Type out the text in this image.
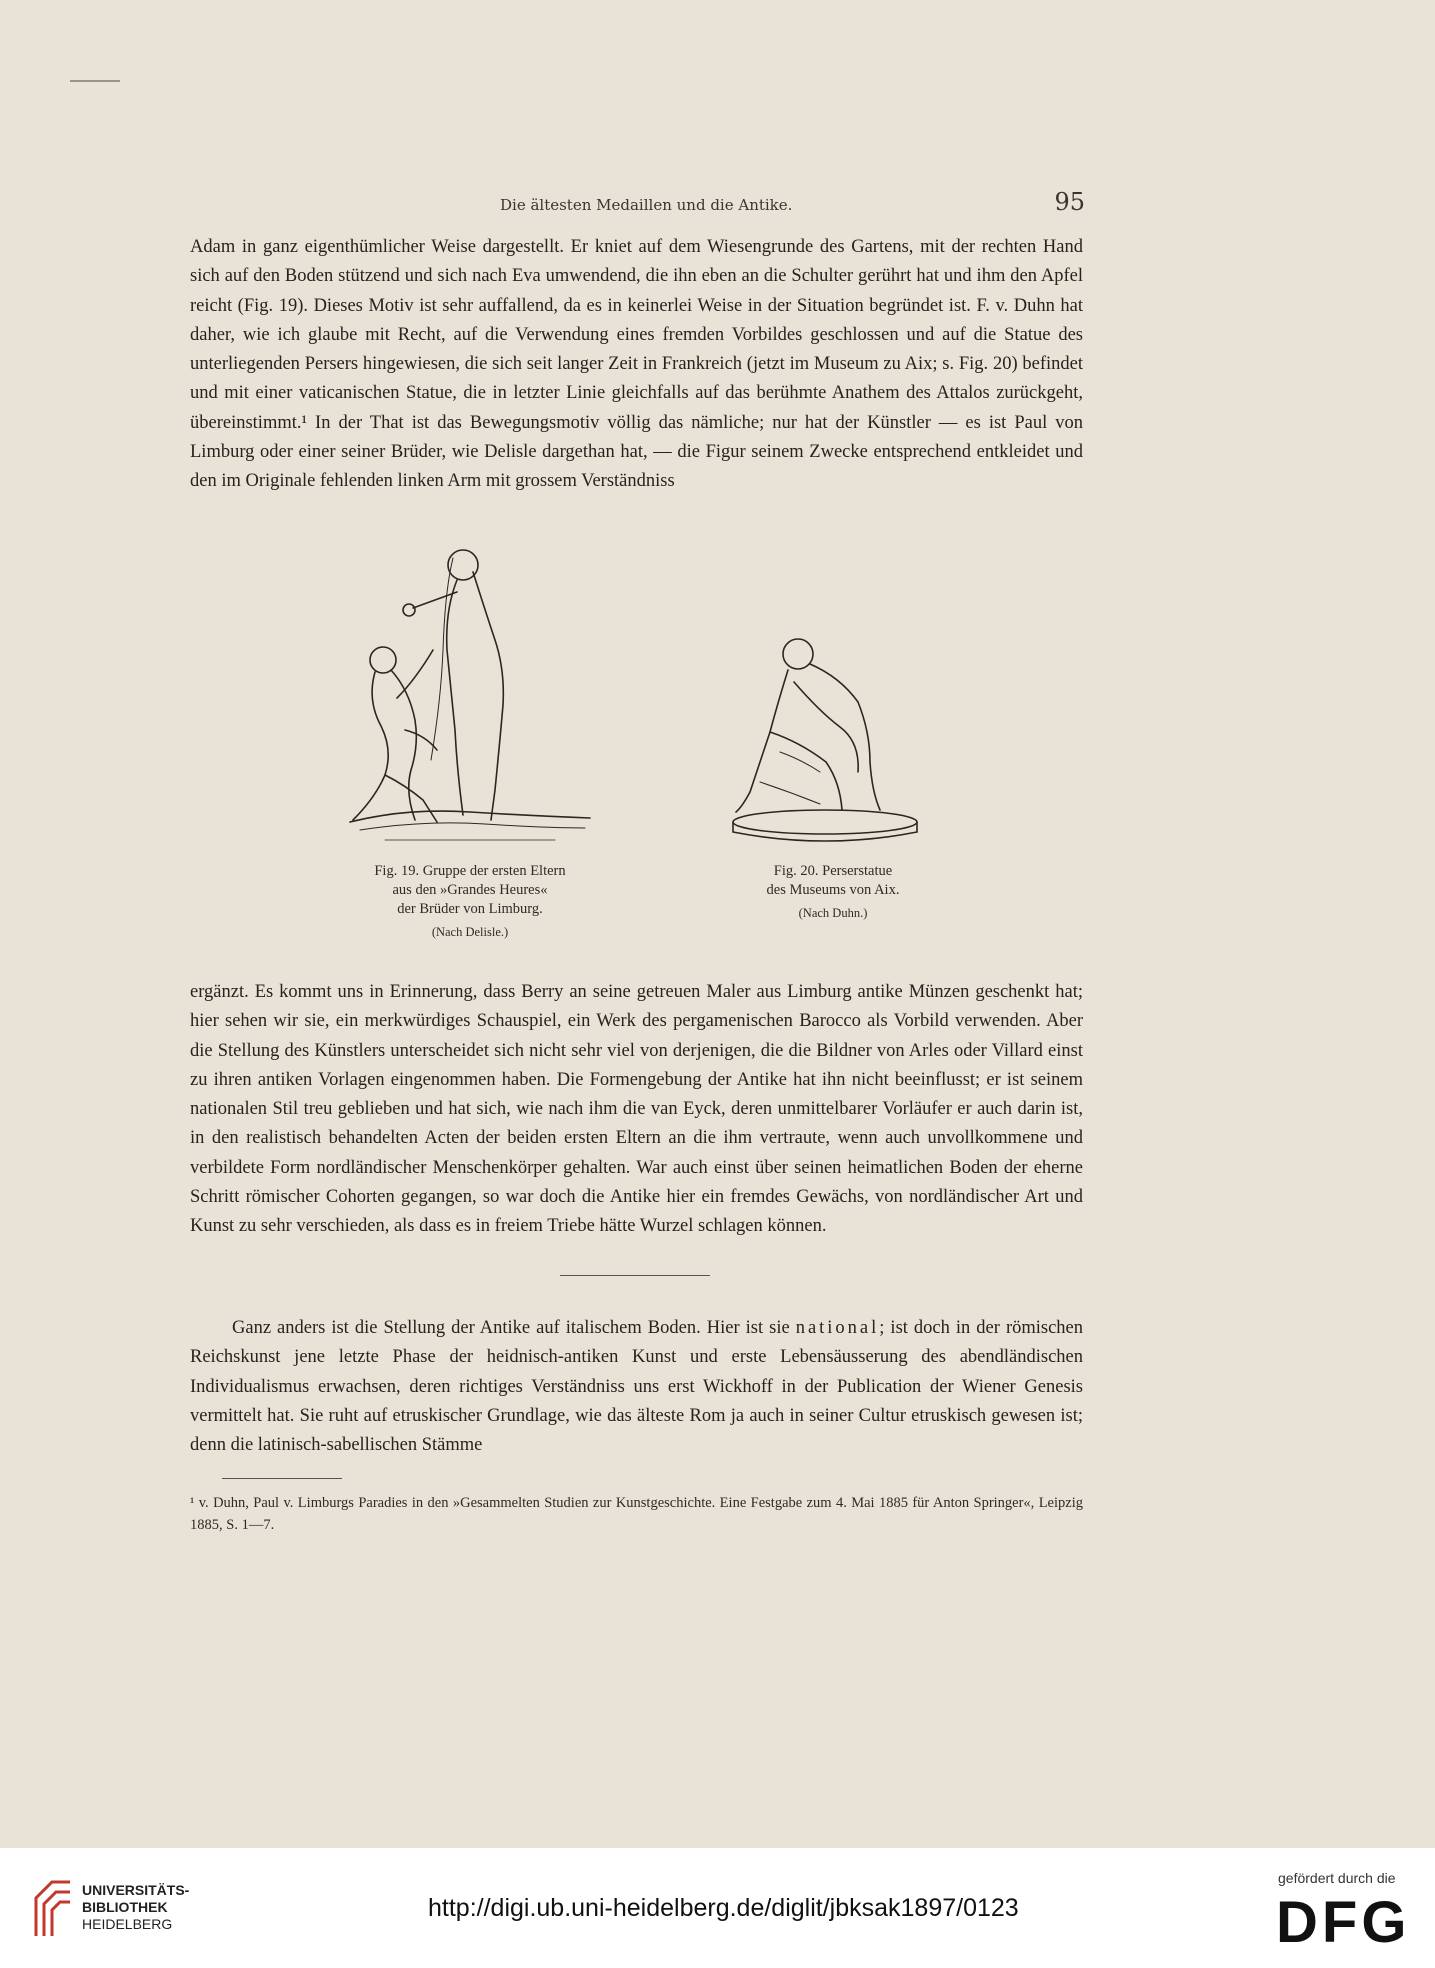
Die ältesten Medaillen und die Antike.	95

Adam in ganz eigenthümlicher Weise dargestellt. Er kniet auf dem Wiesengrunde des Gartens, mit der rechten Hand sich auf den Boden stützend und sich nach Eva umwendend, die ihn eben an die Schulter gerührt hat und ihm den Apfel reicht (Fig. 19). Dieses Motiv ist sehr auffallend, da es in keinerlei Weise in der Situation begründet ist. F. v. Duhn hat daher, wie ich glaube mit Recht, auf die Verwendung eines fremden Vorbildes geschlossen und auf die Statue des unterliegenden Persers hingewiesen, die sich seit langer Zeit in Frankreich (jetzt im Museum zu Aix; s. Fig. 20) befindet und mit einer vaticanischen Statue, die in letzter Linie gleichfalls auf das berühmte Anathem des Attalos zurückgeht, übereinstimmt.¹ In der That ist das Bewegungsmotiv völlig das nämliche; nur hat der Künstler — es ist Paul von Limburg oder einer seiner Brüder, wie Delisle dargethan hat, — die Figur seinem Zwecke entsprechend entkleidet und den im Originale fehlenden linken Arm mit grossem Verständniss

Fig. 19. Gruppe der ersten Eltern
aus den »Grandes Heures«
der Brüder von Limburg.

(Nach Delisle.)
Fig. 20. Perserstatue
des Museums von Aix.

(Nach Duhn.)

ergänzt. Es kommt uns in Erinnerung, dass Berry an seine getreuen Maler aus Limburg antike Münzen geschenkt hat; hier sehen wir sie, ein merkwürdiges Schauspiel, ein Werk des pergamenischen Barocco als Vorbild verwenden. Aber die Stellung des Künstlers unterscheidet sich nicht sehr viel von derjenigen, die die Bildner von Arles oder Villard einst zu ihren antiken Vorlagen eingenommen haben. Die Formengebung der Antike hat ihn nicht beeinflusst; er ist seinem nationalen Stil treu geblieben und hat sich, wie nach ihm die van Eyck, deren unmittelbarer Vorläufer er auch darin ist, in den realistisch behandelten Acten der beiden ersten Eltern an die ihm vertraute, wenn auch unvollkommene und verbildete Form nordländischer Menschenkörper gehalten. War auch einst über seinen heimatlichen Boden der eherne Schritt römischer Cohorten gegangen, so war doch die Antike hier ein fremdes Gewächs, von nordländischer Art und Kunst zu sehr verschieden, als dass es in freiem Triebe hätte Wurzel schlagen können.

Ganz anders ist die Stellung der Antike auf italischem Boden. Hier ist sie national; ist doch in der römischen Reichskunst jene letzte Phase der heidnisch-antiken Kunst und erste Lebensäusserung des abendländischen Individualismus erwachsen, deren richtiges Verständniss uns erst Wickhoff in der Publication der Wiener Genesis vermittelt hat. Sie ruht auf etruskischer Grundlage, wie das älteste Rom ja auch in seiner Cultur etruskisch gewesen ist; denn die latinisch-sabellischen Stämme

¹ v. Duhn, Paul v. Limburgs Paradies in den »Gesammelten Studien zur Kunstgeschichte. Eine Festgabe zum 4. Mai 1885 für Anton Springer«, Leipzig 1885, S. 1—7.
UNIVERSITÄTS-
BIBLIOTHEK
HEIDELBERG
http://digi.ub.uni-heidelberg.de/diglit/jbksak1897/0123
gefördert durch die
DFG
